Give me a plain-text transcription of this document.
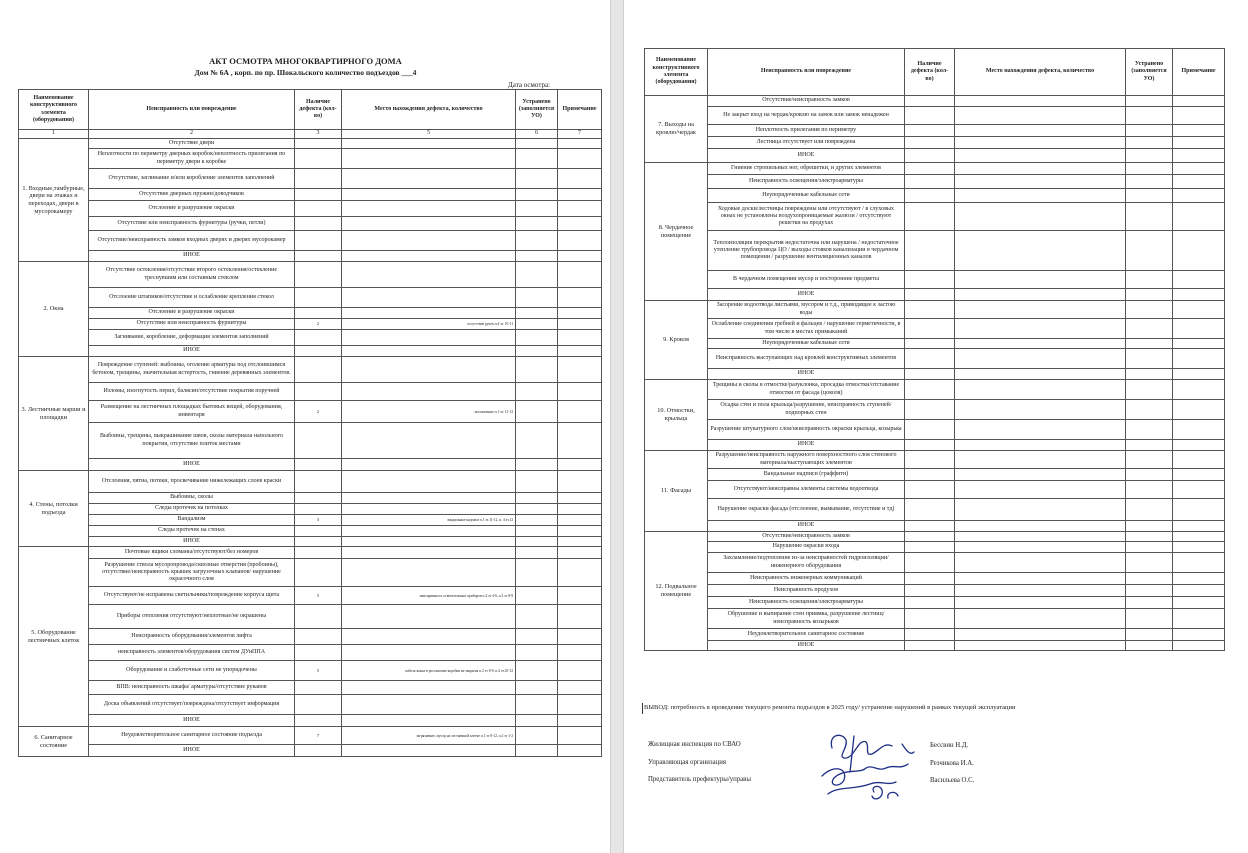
АКТ ОСМОТРА МНОГОКВАРТИРНОГО ДОМА
Дом № 6А , корп. по пр. Шокальского количество подъездов ___4
Дата осмотра:
Наименование конструктивного элемента (оборудования)	Неисправность или повреждение	Наличие дефекта (кол-во)	Место нахождения дефекта, количество	Устранено (заполняется УО)	Примечание
1	2	3	5	6	7
1. Входные,тамбурные, двери на этажах и переходах, двери в мусорокамеру	Отсутствие двери				
	Неплотности по периметру дверных коробок/неплотность прилегания по периметру двери к коробке				
	Отсутствие, заглинание и/или коробление элементов заполнений				
	Отсутствие дверных пружин/доводчиков				
	Отслоение и разрушение окраски				
	Отсутствие или неисправность фурнитуры (ручки, петли)				
	Отсутствие/неисправность замков входных дверях и дверях мусорокамер				
	ИНОЕ				
2. Окна	Отсутствие остекления/отсутствие второго остекления/остекление треснувшим или составным стеклом				
	Отслоение штапиков/отсутствие и ослабление крепления стекол				
	Отслоение и разрушение окраски				
	Отсутствие или неисправность фурнитуры	2	отсутствие ручек п.4 эт. 10-11		
	Загнивание, коробление, деформация элементов заполнений				
	ИНОЕ				
3. Лестничные марши и площадки	Повреждение ступеней: выбоины, оголение арматуры под отслоившимся бетоном, трещины, значительная истертость, гниение деревянных элементов.				
	Изломы, изогнутость перил, балясин/отсутствие покрытия поручней				
	Размещение на лестничных площадках бытовых вещей, оборудования, инвентаря	2	захламление п.1 эт. 11-12		
	Выбоины, трещины, выкрашивание швов, сколы материала напольного покрытия, отсутствие плиток местами				
	ИНОЕ				
4. Стены, потолки подъезда	Отслоения, пятна, потеки, просвечивание нижележащих слоев краски				
	Выбоины, сколы				
	Следы протечек на потолках				
	Вандализм	3	вандальные надписи п.1 эт.11-12, п. 4 эт.12		
	Следы протечек на стенах				
	ИНОЕ				
5. Оборудование лестничных клеток	Почтовые ящики сломаны/отсутствуют/без номеров				
	Разрушение ствола мусоропровода/сквозные отверстия (пробоины), отсутствие/неисправность крышек загрузочных клапанов/ нарушение окрасочного слоя				
	Отсутствуют/не исправены светильники/повреждение корпуса щита	5	неисправность осветительных приборов п.2 эт 4-6, п.3 эт 8-9		
	Приборы отопления отсутствуют/неплотные/не окрашены				
	Неисправность оборудования/элементов лифта				
	неисправность элементов/оборудования систем ДУиППА				
	Оборудование и слаботочные сети не упорядочены	5	кабель-канал в россыпочке коробки не закрыты п.2 эт 8-9, п.4 эт.10-12		
	ВПВ: неисправность шкафа/ арматуры/отсутствие рукавов				
	Доска объявлений отсутствует/повреждена/отсутствует информация				
	ИНОЕ				
6. Санитарное состояние	Неудовлетворительное санитарное состояние подъезда	7	загрязнение, мусор на лестничной клетке п.1 эт 8-12, п.2 эт 1-2		
	ИНОЕ				
Наименование конструктивного элемента (оборудования)	Неисправность или повреждение	Наличие дефекта (кол-во)	Место нахождения дефекта, количество	Устранено (заполняется УО)	Примечание
7. Выходы на кровлю/чердак	Отсутствие/неисправность замков				
	Не закрыт вход на чердак/кровлю на замок или замок ненадежен				
	Неплотность прилегания по периметру				
	Лестница отсутствует или повреждена				
	ИНОЕ				
8. Чердачное помещение	Гниение стропильных ног, обрешетки, и других элементов				
	Неисправность освещения/электроарматуры				
	Неупорядоченные кабельные сети				
	Ходовые доски/лестницы повреждены или отсутствуют / в слуховых окнах не установлены воздухопроницаемые жалюзи / отсутствуют решетки на продухах				
	Теплоизоляция перекрытия недостаточна или нарушена / недостаточное утепление трубопровода ЦО / выходы стояков канализации в чердачном помещении / разрушение вентиляционных каналов				
	В чердачном помещении мусор и посторонние предметы				
	ИНОЕ				
9. Кровля	Засорение водоотвода листьями, мусором и т.д., приводящее к застою воды				
	Ослабление соединения гребней и фальцев / нарушение герметичности, в том числе в местах примыканий				
	Неупорядоченные кабельные сети				
	Неисправность выступающих над кровлей конструктивных элементов				
	ИНОЕ				
10. Отмостки, крыльца	Трещины и сколы в отмостке/разуклонка, просадка отмостки/отставание отмостки от фасада (цоколя)				
	Осадка стен и пола крыльца/разрушение, неисправность ступеней/подпорных стен				
	Разрушение штукатурного слоя/неисправность окраски крыльца, козырька				
	ИНОЕ				
11. Фасады	Разрушение/неисправность наружного поверхностного слоя стенового материала/выступающих элементов				
	Вандальные надписи (граффити)				
	Отсутствуют/неисправны элементы системы водоотвода				
	Нарушение окраски фасада (отслоение, вымывание, отсутствие и тд)				
	ИНОЕ				
12. Подвальное помещение	Отсутствие/неисправность замков				
	Нарушение окраски входа				
	Захламление/подтопление из-за неисправностей гидроизоляции/инженерного оборудования				
	Неисправность инженерных коммуникаций				
	Неисправность продухов				
	Неисправность освещения/электроарматуры				
	Обрушение и выпирание стен приямка, разрушение лестниц/неисправность козырьков				
	Неудовлетворительное санитарное состояние				
	ИНОЕ				
ВЫВОД: потребность в проведение текущего ремонта подъездов в 2025 году/ устранение нарушений в рамках текущей эксплуатации
Жилищная инспекция по СВАО
Управляющая организация
Представитель префектуры/управы
Бессвин Н.Д.
Резчикова И.А.
Васильева О.С.
